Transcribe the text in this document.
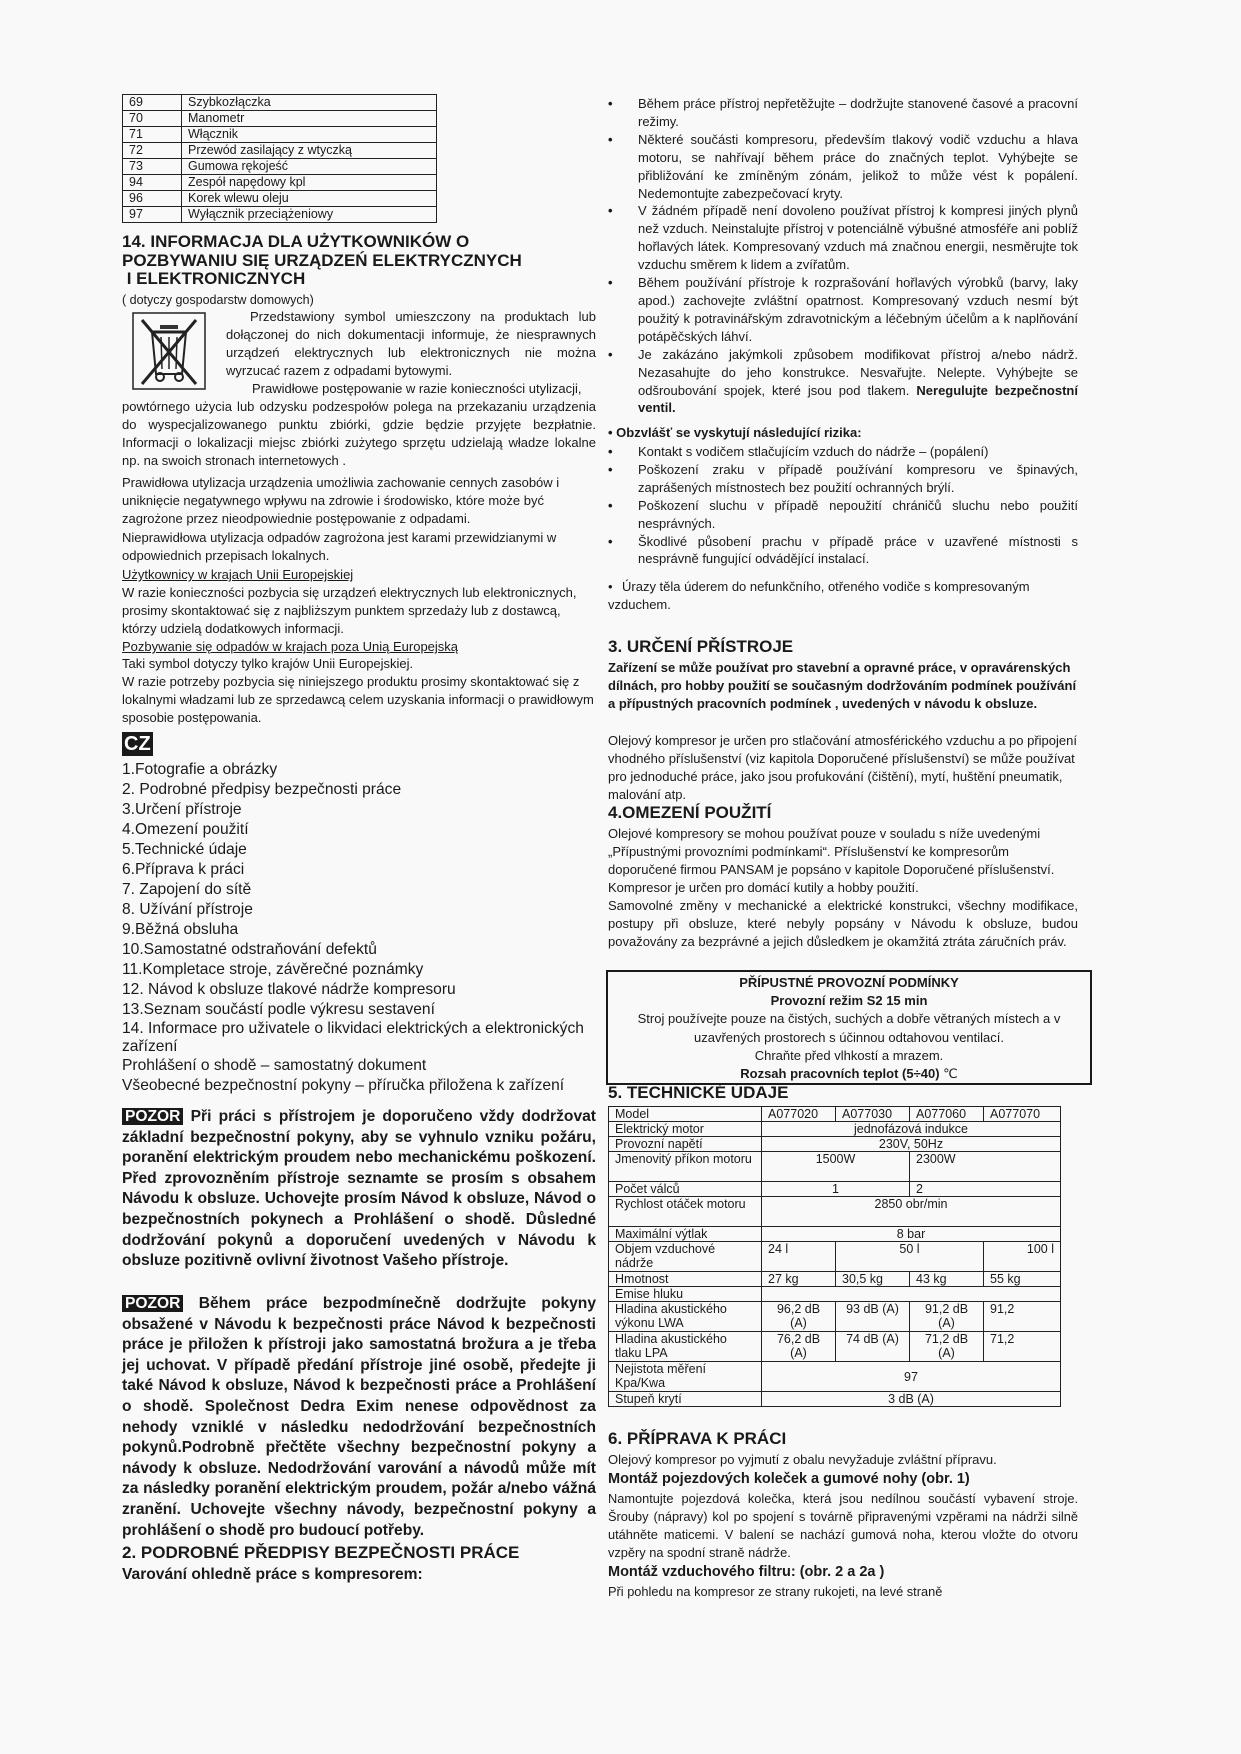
69	Szybkozłączka
70	Manometr
71	Włącznik
72	Przewód zasilający z wtyczką
73	Gumowa rękojeść
94	Zespół napędowy kpl
96	Korek wlewu oleju
97	Wyłącznik przeciążeniowy
14. INFORMACJA DLA UŻYTKOWNIKÓW O
POZBYWANIU SIĘ URZĄDZEŃ ELEKTRYCZNYCH
I ELEKTRONICZNYCH
( dotyczy gospodarstw domowych)
Przedstawiony symbol umieszczony na produktach lub dołączonej do nich dokumentacji informuje, że niesprawnych urządzeń elektrycznych lub elektronicznych nie można wyrzucać razem z odpadami bytowymi.
Prawidłowe postępowanie w razie konieczności utylizacji,
powtórnego użycia lub odzysku podzespołów polega na przekazaniu urządzenia do wyspecjalizowanego punktu zbiórki, gdzie będzie przyjęte bezpłatnie. Informacji o lokalizacji miejsc zbiórki zużytego sprzętu udzielają władze lokalne np. na swoich stronach internetowych .
Prawidłowa utylizacja urządzenia umożliwia zachowanie cennych zasobów i uniknięcie negatywnego wpływu na zdrowie i środowisko, które może być zagrożone przez nieodpowiednie postępowanie z odpadami.
Nieprawidłowa utylizacja odpadów zagrożona jest karami przewidzianymi w odpowiednich przepisach lokalnych.
Użytkownicy w krajach Unii Europejskiej
W razie konieczności pozbycia się urządzeń elektrycznych lub elektronicznych, prosimy skontaktować się z najbliższym punktem sprzedaży lub z dostawcą, którzy udzielą dodatkowych informacji.
Pozbywanie się odpadów w krajach poza Unią Europejską
Taki symbol dotyczy tylko krajów Unii Europejskiej.
W razie potrzeby pozbycia się niniejszego produktu prosimy skontaktować się z lokalnymi władzami lub ze sprzedawcą celem uzyskania informacji o prawidłowym sposobie postępowania.
CZ
1.Fotografie a obrázky
2. Podrobné předpisy bezpečnosti práce
3.Určení přístroje
4.Omezení použití
5.Technické údaje
6.Příprava k práci
7. Zapojení do sítě
8. Užívání přístroje
9.Běžná obsluha
10.Samostatné odstraňování defektů
11.Kompletace stroje, závěrečné poznámky
12. Návod k obsluze tlakové nádrže kompresoru
13.Seznam součástí podle výkresu sestavení
14. Informace pro uživatele o likvidaci elektrických a elektronických zařízení
Prohlášení o shodě – samostatný dokument
Všeobecné bezpečnostní pokyny – příručka přiložena k zařízení
POZOR Při práci s přístrojem je doporučeno vždy dodržovat základní bezpečnostní pokyny, aby se vyhnulo vzniku požáru, poranění elektrickým proudem nebo mechanickému poškození. Před zprovozněním přístroje seznamte se prosím s obsahem Návodu k obsluze. Uchovejte prosím Návod k obsluze, Návod o bezpečnostních pokynech a Prohlášení o shodě. Důsledné dodržování pokynů a doporučení uvedených v Návodu k obsluze pozitivně ovlivní životnost Vašeho přístroje.
POZOR Během práce bezpodmínečně dodržujte pokyny obsažené v Návodu k bezpečnosti práce Návod k bezpečnosti práce je přiložen k přístroji jako samostatná brožura a je třeba jej uchovat. V případě předání přístroje jiné osobě, předejte ji také Návod k obsluze, Návod k bezpečnosti práce a Prohlášení o shodě. Společnost Dedra Exim nenese odpovědnost za nehody vzniklé v následku nedodržování bezpečnostních pokynů.Podrobně přečtěte všechny bezpečnostní pokyny a návody k obsluze. Nedodržování varování a návodů může mít za následky poranění elektrickým proudem, požár a/nebo vážná zranění. Uchovejte všechny návody, bezpečnostní pokyny a prohlášení o shodě pro budoucí potřeby.
2. PODROBNÉ PŘEDPISY BEZPEČNOSTI PRÁCE
Varování ohledně práce s kompresorem:
• Během práce přístroj nepřetěžujte – dodržujte stanovené časové a pracovní režimy.
• Některé součásti kompresoru, především tlakový vodič vzduchu a hlava motoru, se nahřívají během práce do značných teplot. Vyhýbejte se přibližování ke zmíněným zónám, jelikož to může vést k popálení. Nedemontujte zabezpečovací kryty.
• V žádném případě není dovoleno používat přístroj k kompresi jiných plynů než vzduch. Neinstalujte přístroj v potenciálně výbušné atmosféře ani poblíž hořlavých látek. Kompresovaný vzduch má značnou energii, nesměrujte tok vzduchu směrem k lidem a zvířatům.
• Během používání přístroje k rozprašování hořlavých výrobků (barvy, laky apod.) zachovejte zvláštní opatrnost. Kompresovaný vzduch nesmí být použitý k potravinářským zdravotnickým a léčebným účelům a k naplňování potápěčských láhví.
• Je zakázáno jakýmkoli způsobem modifikovat přístroj a/nebo nádrž. Nezasahujte do jeho konstrukce. Nesvařujte. Nelepte. Vyhýbejte se odšroubování spojek, které jsou pod tlakem. Neregulujte bezpečnostní ventil.
• Obzvlášť se vyskytují následující rizika:
• Kontakt s vodičem stlačujícím vzduch do nádrže – (popálení)
• Poškození zraku v případě používání kompresoru ve špinavých, zaprášených místnostech bez použití ochranných brýlí.
• Poškození sluchu v případě nepoužití chráničů sluchu nebo použití nesprávných.
• Škodlivé působení prachu v případě práce v uzavřené místnosti s nesprávně fungující odvádějící instalací.
• Úrazy těla úderem do nefunkčního, otřeného vodiče s kompresovaným vzduchem.
3. URČENÍ PŘÍSTROJE
Zařízení se může používat pro stavební a opravné práce, v opravárenských dílnách, pro hobby použití se současným dodržováním podmínek používání a přípustných pracovních podmínek , uvedených v návodu k obsluze.
Olejový kompresor je určen pro stlačování atmosférického vzduchu a po připojení vhodného příslušenství (viz kapitola Doporučené příslušenství) se může používat pro jednoduché práce, jako jsou profukování (čištění), mytí, huštění pneumatik, malování atp.
4.OMEZENÍ POUŽITÍ
Olejové kompresory se mohou používat pouze v souladu s níže uvedenými „Přípustnými provozními podmínkami“. Příslušenství ke kompresorům doporučené firmou PANSAM je popsáno v kapitole Doporučené příslušenství. Kompresor je určen pro domácí kutily a hobby použití.
Samovolné změny v mechanické a elektrické konstrukci, všechny modifikace, postupy při obsluze, které nebyly popsány v Návodu k obsluze, budou považovány za bezprávné a jejich důsledkem je okamžitá ztráta záručních práv.
PŘÍPUSTNÉ PROVOZNÍ PODMÍNKY
Provozní režim S2 15 min
Stroj používejte pouze na čistých, suchých a dobře větraných místech a v uzavřených prostorech s účinnou odtahovou ventilací.
Chraňte před vlhkostí a mrazem.
Rozsah pracovních teplot (5÷40) ℃
5. TECHNICKÉ ÚDAJE
Model	A077020	A077030	A077060	A077070
Elektrický motor	jednofázová indukce			
Provozní napětí	230V, 50Hz			
Jmenovitý příkon motoru	1500W		2300W	
Počet válců	1		2	
Rychlost otáček motoru	2850 obr/min			
Maximální výtlak	8 bar			
Objem vzduchové nádrže	24 l	50 l		100 l
Hmotnost	27 kg	30,5 kg	43 kg	55 kg
Emise hluku				
Hladina akustického výkonu LWA	96,2 dB (A)	93 dB (A)	91,2 dB (A)	91,2
Hladina akustického tlaku LPA	76,2 dB (A)	74 dB (A)	71,2 dB (A)	71,2
Nejistota měření Kpa/Kwa	97			
Stupeň krytí	3 dB (A)			
6. PŘÍPRAVA K PRÁCI
Olejový kompresor po vyjmutí z obalu nevyžaduje zvláštní přípravu.
Montáž pojezdových koleček a gumové nohy (obr. 1)
Namontujte pojezdová kolečka, která jsou nedílnou součástí vybavení stroje. Šrouby (nápravy) kol po spojení s továrně připravenými vzpěrami na nádrži silně utáhněte maticemi. V balení se nachází gumová noha, kterou vložte do otvoru vzpěry na spodní straně nádrže.
Montáž vzduchového filtru: (obr. 2 a 2a )
Při pohledu na kompresor ze strany rukojeti, na levé straně
